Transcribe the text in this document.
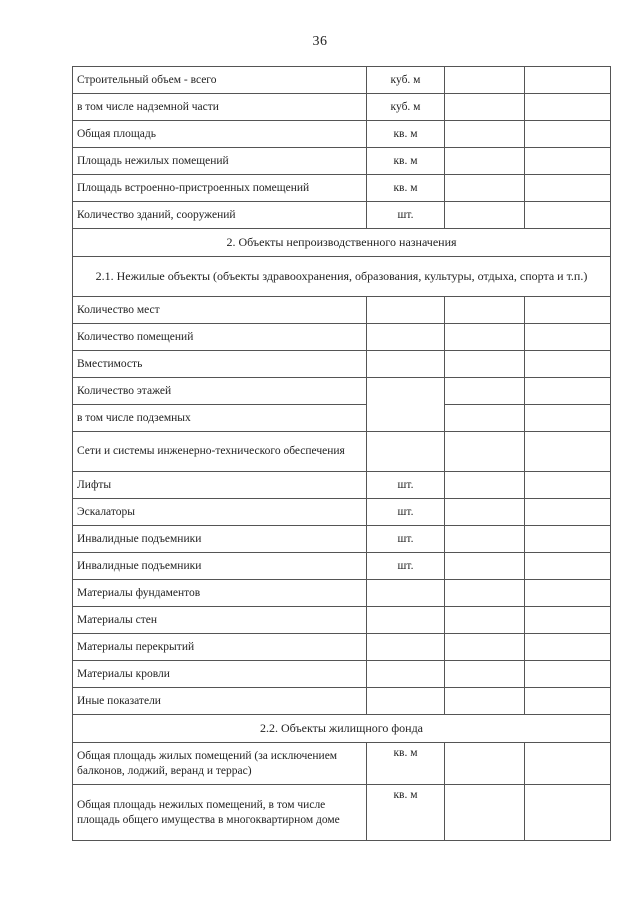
36
Строительный объем - всего	куб. м		
в том числе надземной части	куб. м		
Общая площадь	кв. м		
Площадь нежилых помещений	кв. м		
Площадь встроенно-пристроенных помещений	кв. м		
Количество зданий, сооружений	шт.		
2. Объекты непроизводственного назначения			
2.1. Нежилые объекты (объекты здравоохранения, образования, культуры, отдыха, спорта и т.п.)			
Количество мест			
Количество помещений			
Вместимость			
Количество этажей			
в том числе подземных			
Сети и системы инженерно-технического обеспечения			
Лифты	шт.		
Эскалаторы	шт.		
Инвалидные подъемники	шт.		
Инвалидные подъемники	шт.		
Материалы фундаментов			
Материалы стен			
Материалы перекрытий			
Материалы кровли			
Иные показатели			
2.2. Объекты жилищного фонда			
Общая площадь жилых помещений (за исключением балконов, лоджий, веранд и террас)	кв. м		
Общая площадь нежилых помещений, в том числе площадь общего имущества в многоквартирном доме	кв. м		
